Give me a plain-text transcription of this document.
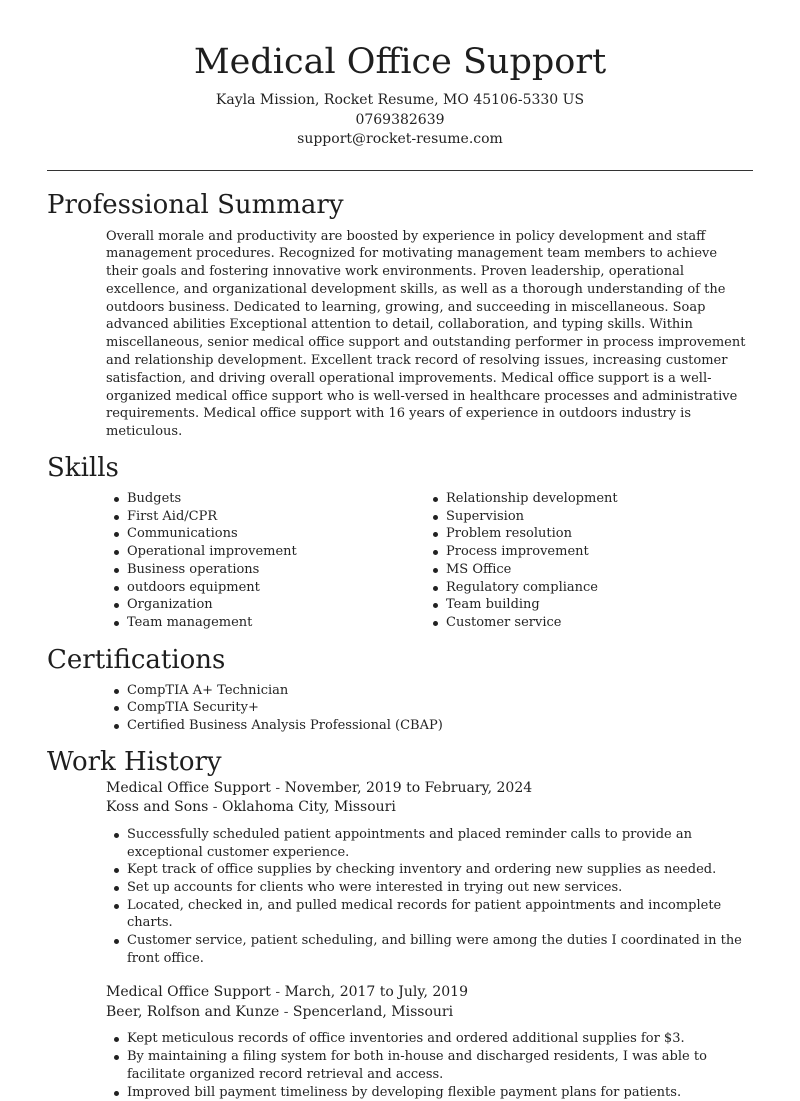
Medical Office Support
Kayla Mission, Rocket Resume, MO 45106-5330 US
0769382639
support@rocket-resume.com
Professional Summary

Overall morale and productivity are boosted by experience in policy development and staff management procedures. Recognized for motivating management team members to achieve their goals and fostering innovative work environments. Proven leadership, operational excellence, and organizational development skills, as well as a thorough understanding of the outdoors business. Dedicated to learning, growing, and succeeding in miscellaneous. Soap advanced abilities Exceptional attention to detail, collaboration, and typing skills. Within miscellaneous, senior medical office support and outstanding performer in process improvement and relationship development. Excellent track record of resolving issues, increasing customer satisfaction, and driving overall operational improvements. Medical office support is a well-organized medical office support who is well-versed in healthcare processes and administrative requirements. Medical office support with 16 years of experience in outdoors industry is meticulous.

Skills
Budgets
First Aid/CPR
Communications
Operational improvement
Business operations
outdoors equipment
Organization
Team management
Relationship development
Supervision
Problem resolution
Process improvement
MS Office
Regulatory compliance
Team building
Customer service
Certifications
CompTIA A+ Technician
CompTIA Security+
Certified Business Analysis Professional (CBAP)
Work History
Medical Office Support - November, 2019 to February, 2024
Koss and Sons - Oklahoma City, Missouri
Successfully scheduled patient appointments and placed reminder calls to provide an exceptional customer experience.
Kept track of office supplies by checking inventory and ordering new supplies as needed.
Set up accounts for clients who were interested in trying out new services.
Located, checked in, and pulled medical records for patient appointments and incomplete charts.
Customer service, patient scheduling, and billing were among the duties I coordinated in the front office.
Medical Office Support - March, 2017 to July, 2019
Beer, Rolfson and Kunze - Spencerland, Missouri
Kept meticulous records of office inventories and ordered additional supplies for $3.
By maintaining a filing system for both in-house and discharged residents, I was able to facilitate organized record retrieval and access.
Improved bill payment timeliness by developing flexible payment plans for patients.
